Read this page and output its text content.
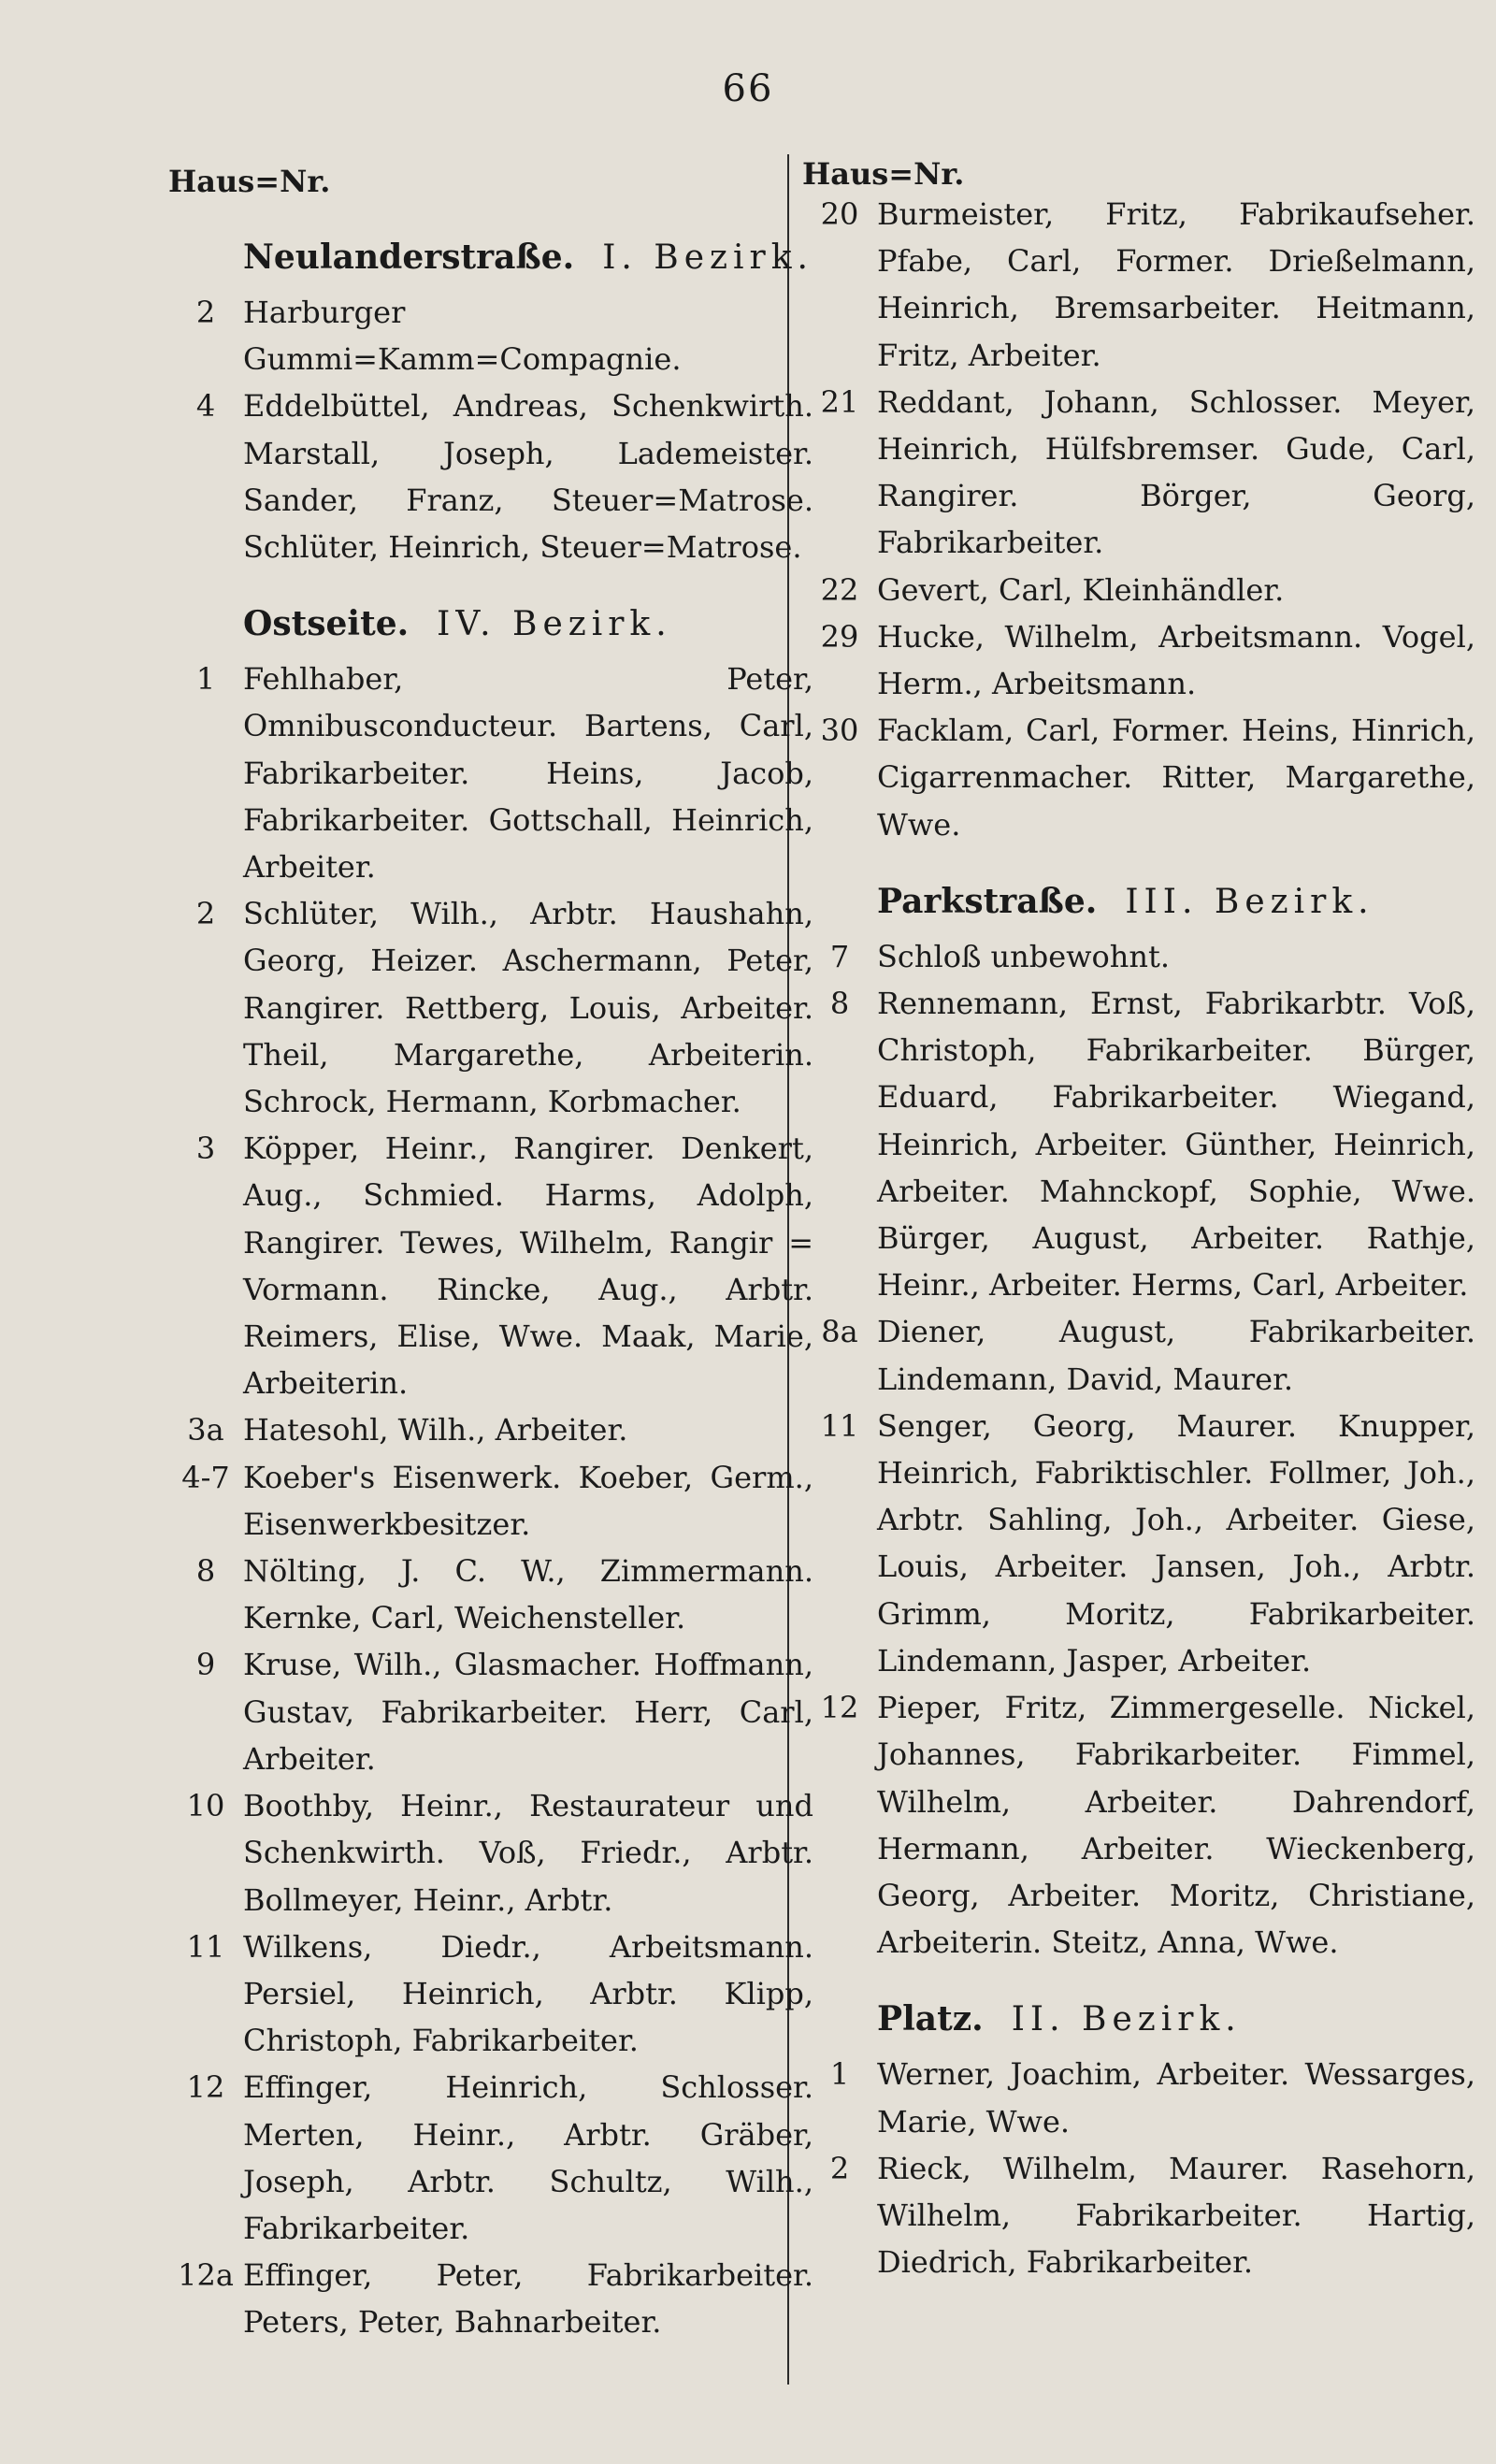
66
Haus=Nr.
Neulanderstraße. I. Bezirk.
2 Harburger Gummi=Kamm=Compagnie.
4 Eddelbüttel, Andreas, Schenkwirth. Marstall, Joseph, Lademeister. Sander, Franz, Steuer=Matrose. Schlüter, Heinrich, Steuer=Matrose.
Ostseite. IV. Bezirk.
1 Fehlhaber, Peter, Omnibusconducteur. Bartens, Carl, Fabrikarbeiter. Heins, Jacob, Fabrikarbeiter. Gottschall, Heinrich, Arbeiter.
2 Schlüter, Wilh., Arbtr. Haushahn, Georg, Heizer. Aschermann, Peter, Rangirer. Rettberg, Louis, Arbeiter. Theil, Margarethe, Arbeiterin. Schrock, Hermann, Korbmacher.
3 Köpper, Heinr., Rangirer. Denkert, Aug., Schmied. Harms, Adolph, Rangirer. Tewes, Wilhelm, Rangir = Vormann. Rincke, Aug., Arbtr. Reimers, Elise, Wwe. Maak, Marie, Arbeiterin.
3a Hatesohl, Wilh., Arbeiter.
4-7 Koeber's Eisenwerk. Koeber, Germ., Eisenwerkbesitzer.
8 Nölting, J. C. W., Zimmermann. Kernke, Carl, Weichensteller.
9 Kruse, Wilh., Glasmacher. Hoffmann, Gustav, Fabrikarbeiter. Herr, Carl, Arbeiter.
10 Boothby, Heinr., Restaurateur und Schenkwirth. Voß, Friedr., Arbtr. Bollmeyer, Heinr., Arbtr.
11 Wilkens, Diedr., Arbeitsmann. Persiel, Heinrich, Arbtr. Klipp, Christoph, Fabrikarbeiter.
12 Effinger, Heinrich, Schlosser. Merten, Heinr., Arbtr. Gräber, Joseph, Arbtr. Schultz, Wilh., Fabrikarbeiter.
12a Effinger, Peter, Fabrikarbeiter. Peters, Peter, Bahnarbeiter.
Haus=Nr.
20 Burmeister, Fritz, Fabrikaufseher. Pfabe, Carl, Former. Drießelmann, Heinrich, Bremsarbeiter. Heitmann, Fritz, Arbeiter.
21 Reddant, Johann, Schlosser. Meyer, Heinrich, Hülfsbremser. Gude, Carl, Rangirer. Börger, Georg, Fabrikarbeiter.
22 Gevert, Carl, Kleinhändler.
29 Hucke, Wilhelm, Arbeitsmann. Vogel, Herm., Arbeitsmann.
30 Facklam, Carl, Former. Heins, Hinrich, Cigarrenmacher. Ritter, Margarethe, Wwe.
Parkstraße. III. Bezirk.
7 Schloß unbewohnt.
8 Rennemann, Ernst, Fabrikarbtr. Voß, Christoph, Fabrikarbeiter. Bürger, Eduard, Fabrikarbeiter. Wiegand, Heinrich, Arbeiter. Günther, Heinrich, Arbeiter. Mahnckopf, Sophie, Wwe. Bürger, August, Arbeiter. Rathje, Heinr., Arbeiter. Herms, Carl, Arbeiter.
8a Diener, August, Fabrikarbeiter. Lindemann, David, Maurer.
11 Senger, Georg, Maurer. Knupper, Heinrich, Fabriktischler. Follmer, Joh., Arbtr. Sahling, Joh., Arbeiter. Giese, Louis, Arbeiter. Jansen, Joh., Arbtr. Grimm, Moritz, Fabrikarbeiter. Lindemann, Jasper, Arbeiter.
12 Pieper, Fritz, Zimmergeselle. Nickel, Johannes, Fabrikarbeiter. Fimmel, Wilhelm, Arbeiter. Dahrendorf, Hermann, Arbeiter. Wieckenberg, Georg, Arbeiter. Moritz, Christiane, Arbeiterin. Steitz, Anna, Wwe.
Platz. II. Bezirk.
1 Werner, Joachim, Arbeiter. Wessarges, Marie, Wwe.
2 Rieck, Wilhelm, Maurer. Rasehorn, Wilhelm, Fabrikarbeiter. Hartig, Diedrich, Fabrikarbeiter.
